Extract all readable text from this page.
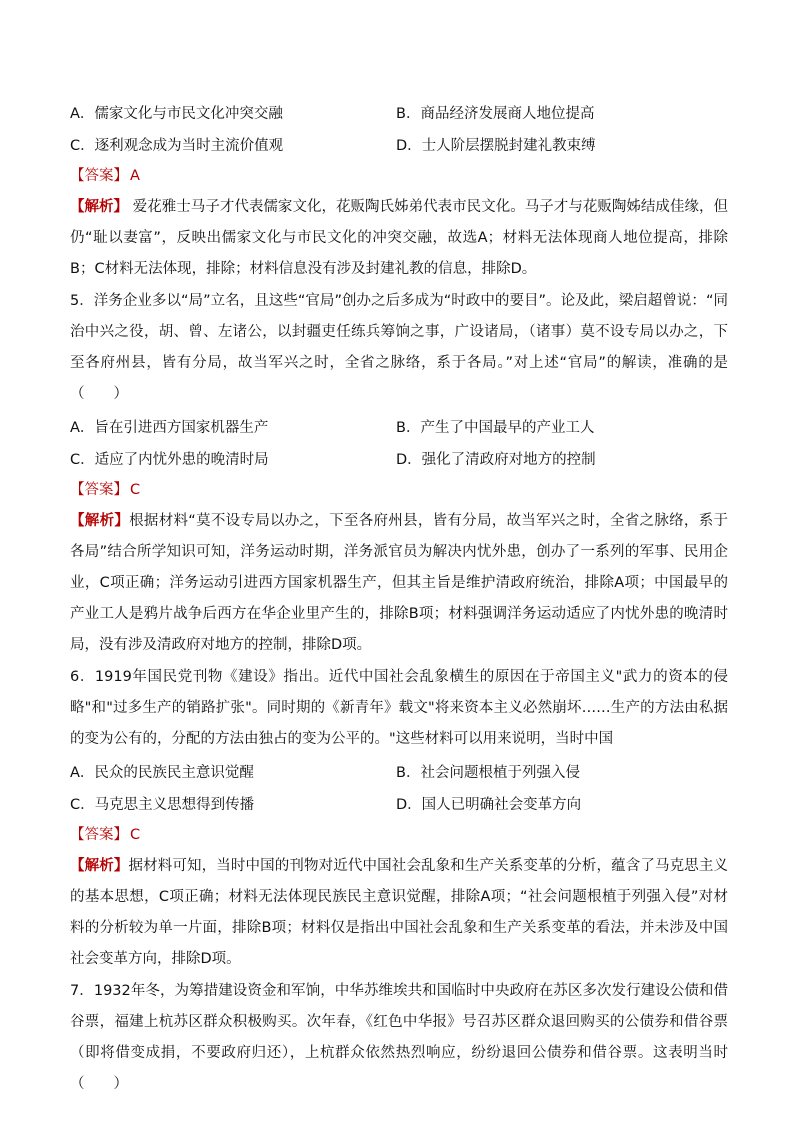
A．儒家文化与市民文化冲突交融	B．商品经济发展商人地位提高
C．逐利观念成为当时主流价值观	D．士人阶层摆脱封建礼教束缚
【答案】 A
【解析】 爱花雅士马子才代表儒家文化，花贩陶氏姊弟代表市民文化。马子才与花贩陶姊结成佳缘，但仍“耻以妻富”，反映出儒家文化与市民文化的冲突交融，故选A；材料无法体现商人地位提高，排除B；C材料无法体现，排除；材料信息没有涉及封建礼教的信息，排除D。
5．洋务企业多以“局”立名，且这些“官局”创办之后多成为“时政中的要目”。论及此，梁启超曾说：“同治中兴之役，胡、曾、左诸公，以封疆吏任练兵筹饷之事，广设诸局，（诸事）莫不设专局以办之，下至各府州县，皆有分局，故当军兴之时，全省之脉络，系于各局。”对上述“官局”的解读，准确的是（　　）
A．旨在引进西方国家机器生产	B．产生了中国最早的产业工人
C．适应了内忧外患的晚清时局	D．强化了清政府对地方的控制
【答案】 C
【解析】根据材料“莫不设专局以办之，下至各府州县，皆有分局，故当军兴之时，全省之脉络，系于各局”结合所学知识可知，洋务运动时期，洋务派官员为解决内忧外患，创办了一系列的军事、民用企业，C项正确；洋务运动引进西方国家机器生产，但其主旨是维护清政府统治，排除A项；中国最早的产业工人是鸦片战争后西方在华企业里产生的，排除B项；材料强调洋务运动适应了内忧外患的晚清时局，没有涉及清政府对地方的控制，排除D项。
6．1919年国民党刊物《建设》指出。近代中国社会乱象横生的原因在于帝国主义"武力的资本的侵略"和"过多生产的销路扩张"。同时期的《新青年》载文"将来资本主义必然崩坏……生产的方法由私据的变为公有的，分配的方法由独占的变为公平的。"这些材料可以用来说明，当时中国
A．民众的民族民主意识觉醒	B．社会问题根植于列强入侵
C．马克思主义思想得到传播	D．国人已明确社会变革方向
【答案】 C
【解析】据材料可知，当时中国的刊物对近代中国社会乱象和生产关系变革的分析，蕴含了马克思主义的基本思想，C项正确；材料无法体现民族民主意识觉醒，排除A项；“社会问题根植于列强入侵”对材料的分析较为单一片面，排除B项；材料仅是指出中国社会乱象和生产关系变革的看法，并未涉及中国社会变革方向，排除D项。
7．1932年冬，为筹措建设资金和军饷，中华苏维埃共和国临时中央政府在苏区多次发行建设公债和借谷票，福建上杭苏区群众积极购买。次年春，《红色中华报》号召苏区群众退回购买的公债券和借谷票（即将借变成捐，不要政府归还），上杭群众依然热烈响应，纷纷退回公债券和借谷票。这表明当时（　　）
